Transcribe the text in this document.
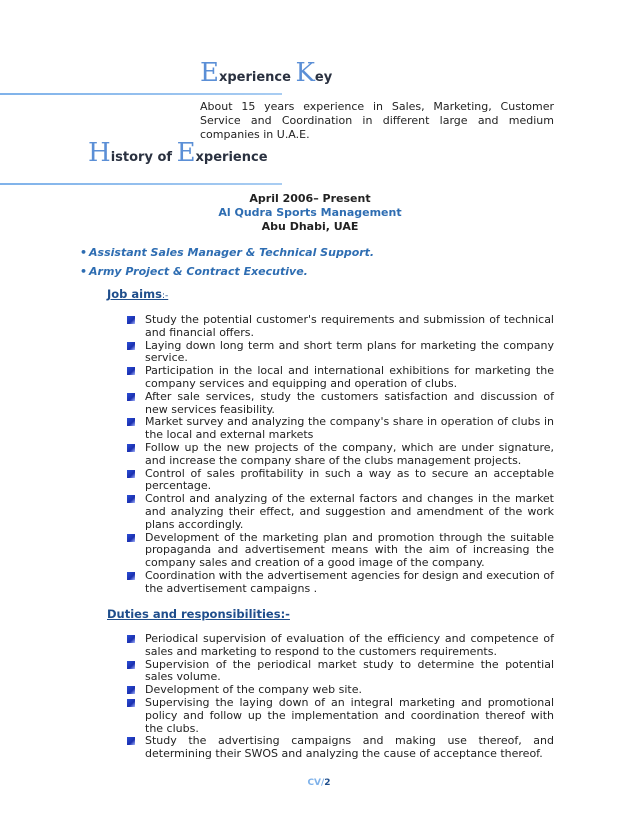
Experience Key
About 15 years experience in Sales, Marketing, Customer Service and Coordination in different large and medium companies in U.A.E.
History of Experience
April 2006– Present
Al Qudra Sports Management
Abu Dhabi, UAE
• Assistant Sales Manager & Technical Support.
• Army Project & Contract Executive.
Job aims:-
Study the potential customer's requirements and submission of technical and financial offers.
Laying down long term and short term plans for marketing the company service.
Participation in the local and international exhibitions for marketing the company services and equipping and operation of clubs.
After sale services, study the customers satisfaction and discussion of new services feasibility.
Market survey and analyzing the company's share in operation of clubs in the local and external markets
Follow up the new projects of the company, which are under signature, and increase the company share of the clubs management projects.
Control of sales profitability in such a way as to secure an acceptable percentage.
Control and analyzing of the external factors and changes in the market and analyzing their effect, and suggestion and amendment of the work plans accordingly.
Development of the marketing plan and promotion through the suitable propaganda and advertisement means with the aim of increasing the company sales and creation of a good image of the company.
Coordination with the advertisement agencies for design and execution of the advertisement campaigns .
Duties and responsibilities:-
Periodical supervision of evaluation of the efficiency and competence of sales and marketing to respond to the customers requirements.
Supervision of the periodical market study to determine the potential sales volume.
Development of the company web site.
Supervising the laying down of an integral marketing and promotional policy and follow up the implementation and coordination thereof with the clubs.
Study the advertising campaigns and making use thereof, and determining their SWOS and analyzing the cause of acceptance thereof.
CV/2
